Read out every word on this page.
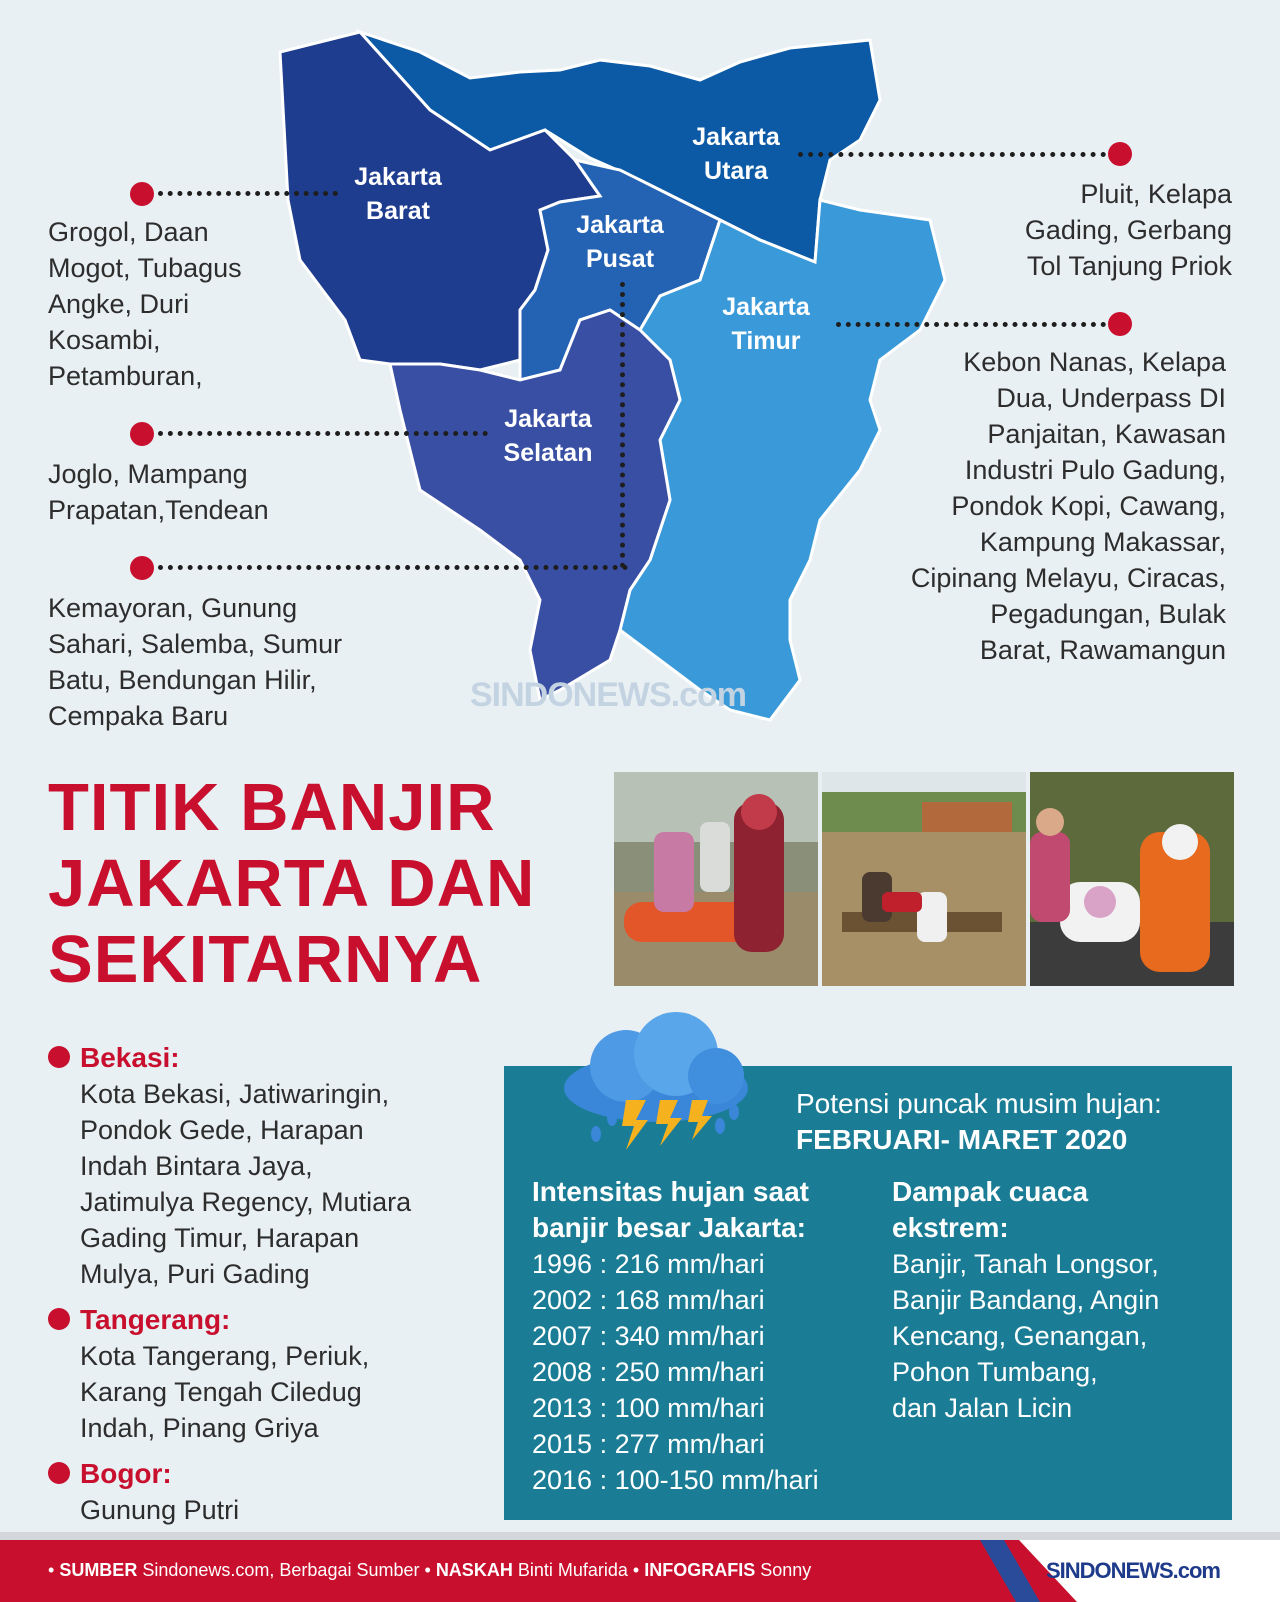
Jakarta
Barat
Jakarta
Utara
Jakarta
Pusat
Jakarta
Timur
Jakarta
Selatan
Grogol, Daan
Mogot, Tubagus
Angke, Duri
Kosambi,
Petamburan,
Joglo, Mampang
Prapatan,Tendean
Kemayoran, Gunung
Sahari, Salemba, Sumur
Batu, Bendungan Hilir,
Cempaka Baru
Pluit, Kelapa
Gading, Gerbang
Tol Tanjung Priok
Kebon Nanas, Kelapa
Dua, Underpass DI
Panjaitan, Kawasan
Industri Pulo Gadung,
Pondok Kopi, Cawang,
Kampung Makassar,
Cipinang Melayu, Ciracas,
Pegadungan, Bulak
Barat, Rawamangun
SINDONEWS.com
TITIK BANJIR
JAKARTA DAN
SEKITARNYA
Bekasi:
Kota Bekasi, Jatiwaringin,
Pondok Gede, Harapan
Indah Bintara Jaya,
Jatimulya Regency, Mutiara
Gading Timur, Harapan
Mulya, Puri Gading
Tangerang:
Kota Tangerang, Periuk,
Karang Tengah Ciledug
Indah, Pinang Griya
Bogor:
Gunung Putri
Potensi puncak musim hujan:
FEBRUARI- MARET 2020
Intensitas hujan saat
banjir besar Jakarta:
1996 : 216 mm/hari
2002 : 168 mm/hari
2007 : 340 mm/hari
2008 : 250 mm/hari
2013 : 100 mm/hari
2015 : 277 mm/hari
2016 : 100-150 mm/hari
Dampak cuaca
ekstrem:
Banjir, Tanah Longsor,
Banjir Bandang, Angin
Kencang, Genangan,
Pohon Tumbang,
dan Jalan Licin
• SUMBER Sindonews.com, Berbagai Sumber • NASKAH Binti Mufarida • INFOGRAFIS Sonny	SINDONEWS.com
